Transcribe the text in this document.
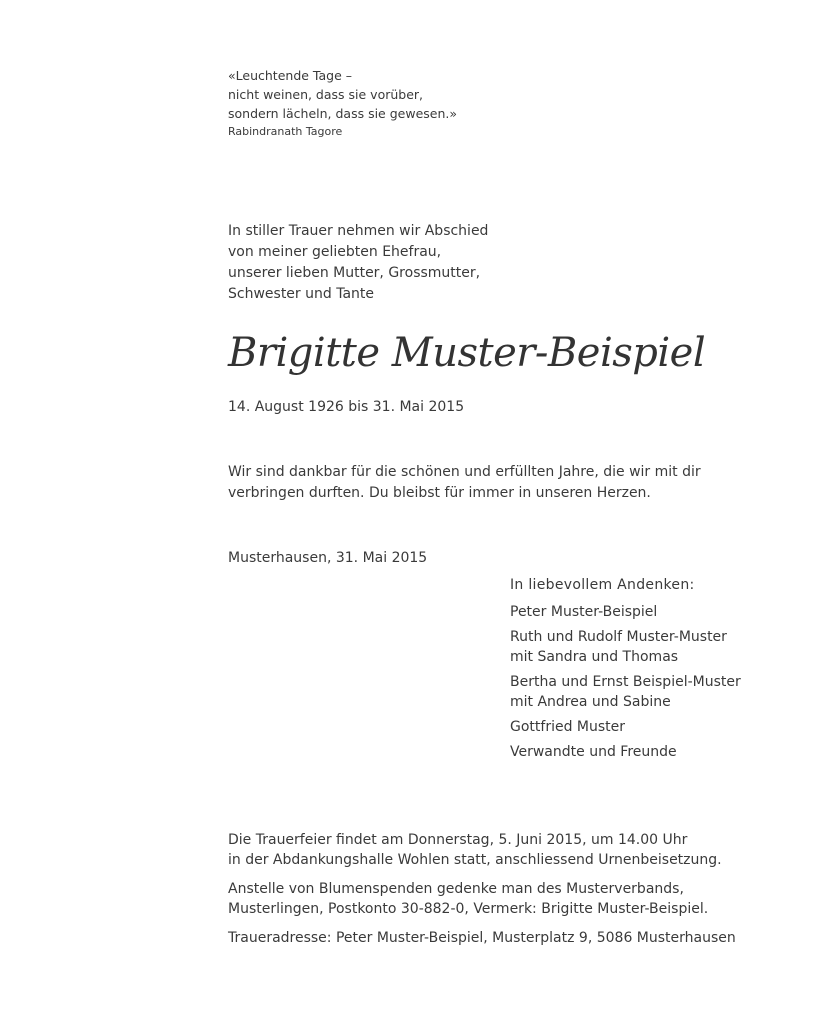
«Leuchtende Tage –
nicht weinen, dass sie vorüber,
sondern lächeln, dass sie gewesen.»
Rabindranath Tagore
In stiller Trauer nehmen wir Abschied
von meiner geliebten Ehefrau,
unserer lieben Mutter, Grossmutter,
Schwester und Tante
Brigitte Muster-Beispiel
14. August 1926 bis 31. Mai 2015
Wir sind dankbar für die schönen und erfüllten Jahre, die wir mit dir
verbringen durften. Du bleibst für immer in unseren Herzen.
Musterhausen, 31. Mai 2015
In liebevollem Andenken:
Peter Muster-Beispiel
Ruth und Rudolf Muster-Muster
mit Sandra und Thomas
Bertha und Ernst Beispiel-Muster
mit Andrea und Sabine
Gottfried Muster
Verwandte und Freunde
Die Trauerfeier findet am Donnerstag, 5. Juni 2015, um 14.00 Uhr
in der Abdankungshalle Wohlen statt, anschliessend Urnenbeisetzung.
Anstelle von Blumenspenden gedenke man des Musterverbands,
Musterlingen, Postkonto 30-882-0, Vermerk: Brigitte Muster-Beispiel.
Traueradresse: Peter Muster-Beispiel, Musterplatz 9, 5086 Musterhausen
